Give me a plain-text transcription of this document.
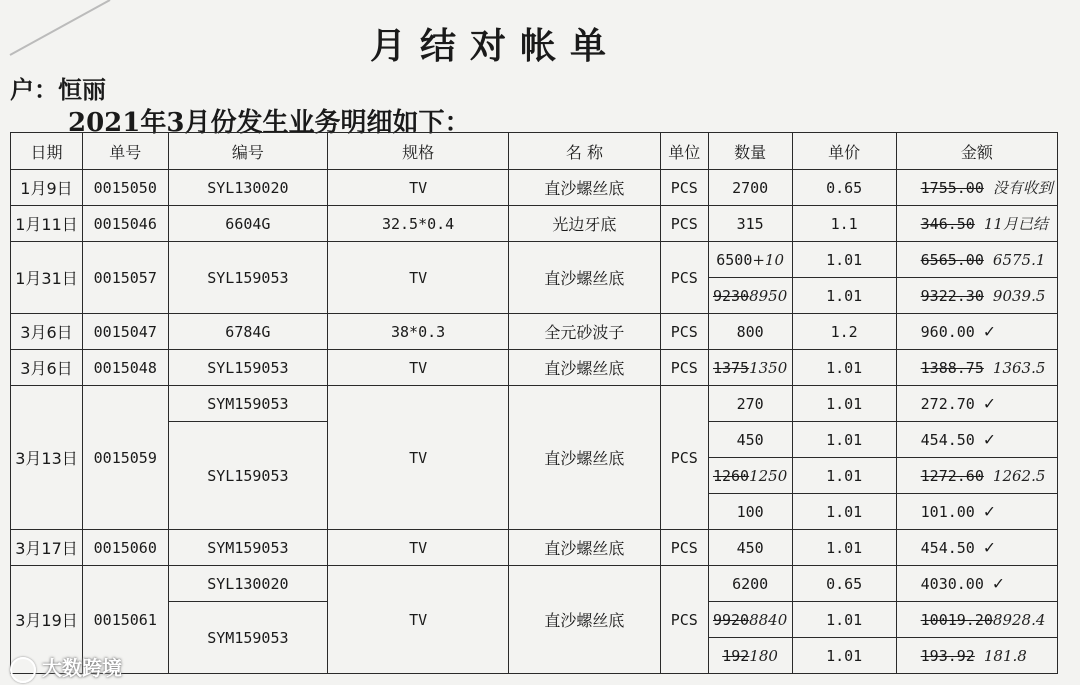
月结对帐单
户：恒丽
2021年3月份发生业务明细如下：
日期	单号	编号	规格	名 称	单位	数量	单价	金额
1月9日	0015050	SYL130020	TV	直沙螺丝底	PCS	2700	0.65	1755.00 没有收到
1月11日	0015046	6604G	32.5*0.4	光边牙底	PCS	315	1.1	346.50 11月已结
1月31日	0015057	SYL159053	TV	直沙螺丝底	PCS	6500+10	1.01	6565.00 6575.1
						92308950	1.01	9322.30 9039.5
3月6日	0015047	6784G	38*0.3	全元砂波子	PCS	800	1.2	960.00 ✓
3月6日	0015048	SYL159053	TV	直沙螺丝底	PCS	13751350	1.01	1388.75 1363.5
3月13日	0015059	SYM159053	TV	直沙螺丝底	PCS	270	1.01	272.70 ✓
		SYL159053				450	1.01	454.50 ✓
						12601250	1.01	1272.60 1262.5
						100	1.01	101.00 ✓
3月17日	0015060	SYM159053	TV	直沙螺丝底	PCS	450	1.01	454.50 ✓
3月19日	0015061	SYL130020	TV	直沙螺丝底	PCS	6200	0.65	4030.00 ✓
		SYM159053				99208840	1.01	10019.208928.4
						192180	1.01	193.92 181.8
大数跨境
